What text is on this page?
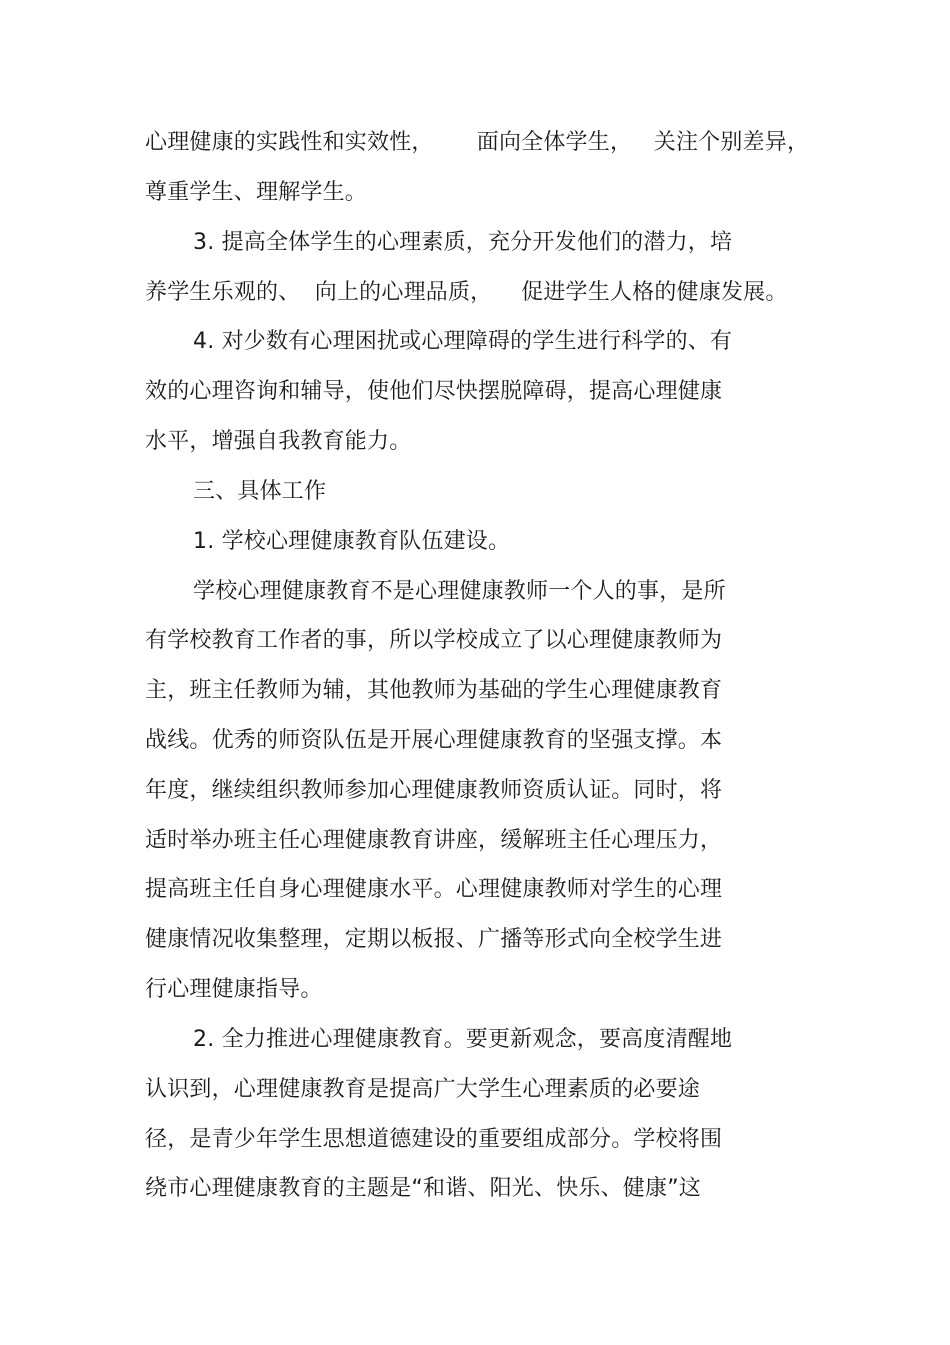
心理健康的实践性和实效性，      面向全体学生，   关注个别差异，
尊重学生、理解学生。
3. 提高全体学生的心理素质，充分开发他们的潜力，培
养学生乐观的、  向上的心理品质，    促进学生人格的健康发展。
4. 对少数有心理困扰或心理障碍的学生进行科学的、有
效的心理咨询和辅导，使他们尽快摆脱障碍，提高心理健康
水平，增强自我教育能力。
三、具体工作
1. 学校心理健康教育队伍建设。
学校心理健康教育不是心理健康教师一个人的事，是所
有学校教育工作者的事，所以学校成立了以心理健康教师为
主，班主任教师为辅，其他教师为基础的学生心理健康教育
战线。优秀的师资队伍是开展心理健康教育的坚强支撑。本
年度，继续组织教师参加心理健康教师资质认证。同时，将
适时举办班主任心理健康教育讲座，缓解班主任心理压力，
提高班主任自身心理健康水平。心理健康教师对学生的心理
健康情况收集整理，定期以板报、广播等形式向全校学生进
行心理健康指导。
2. 全力推进心理健康教育。要更新观念，要高度清醒地
认识到，心理健康教育是提高广大学生心理素质的必要途
径，是青少年学生思想道德建设的重要组成部分。学校将围
绕市心理健康教育的主题是“和谐、阳光、快乐、健康”这
